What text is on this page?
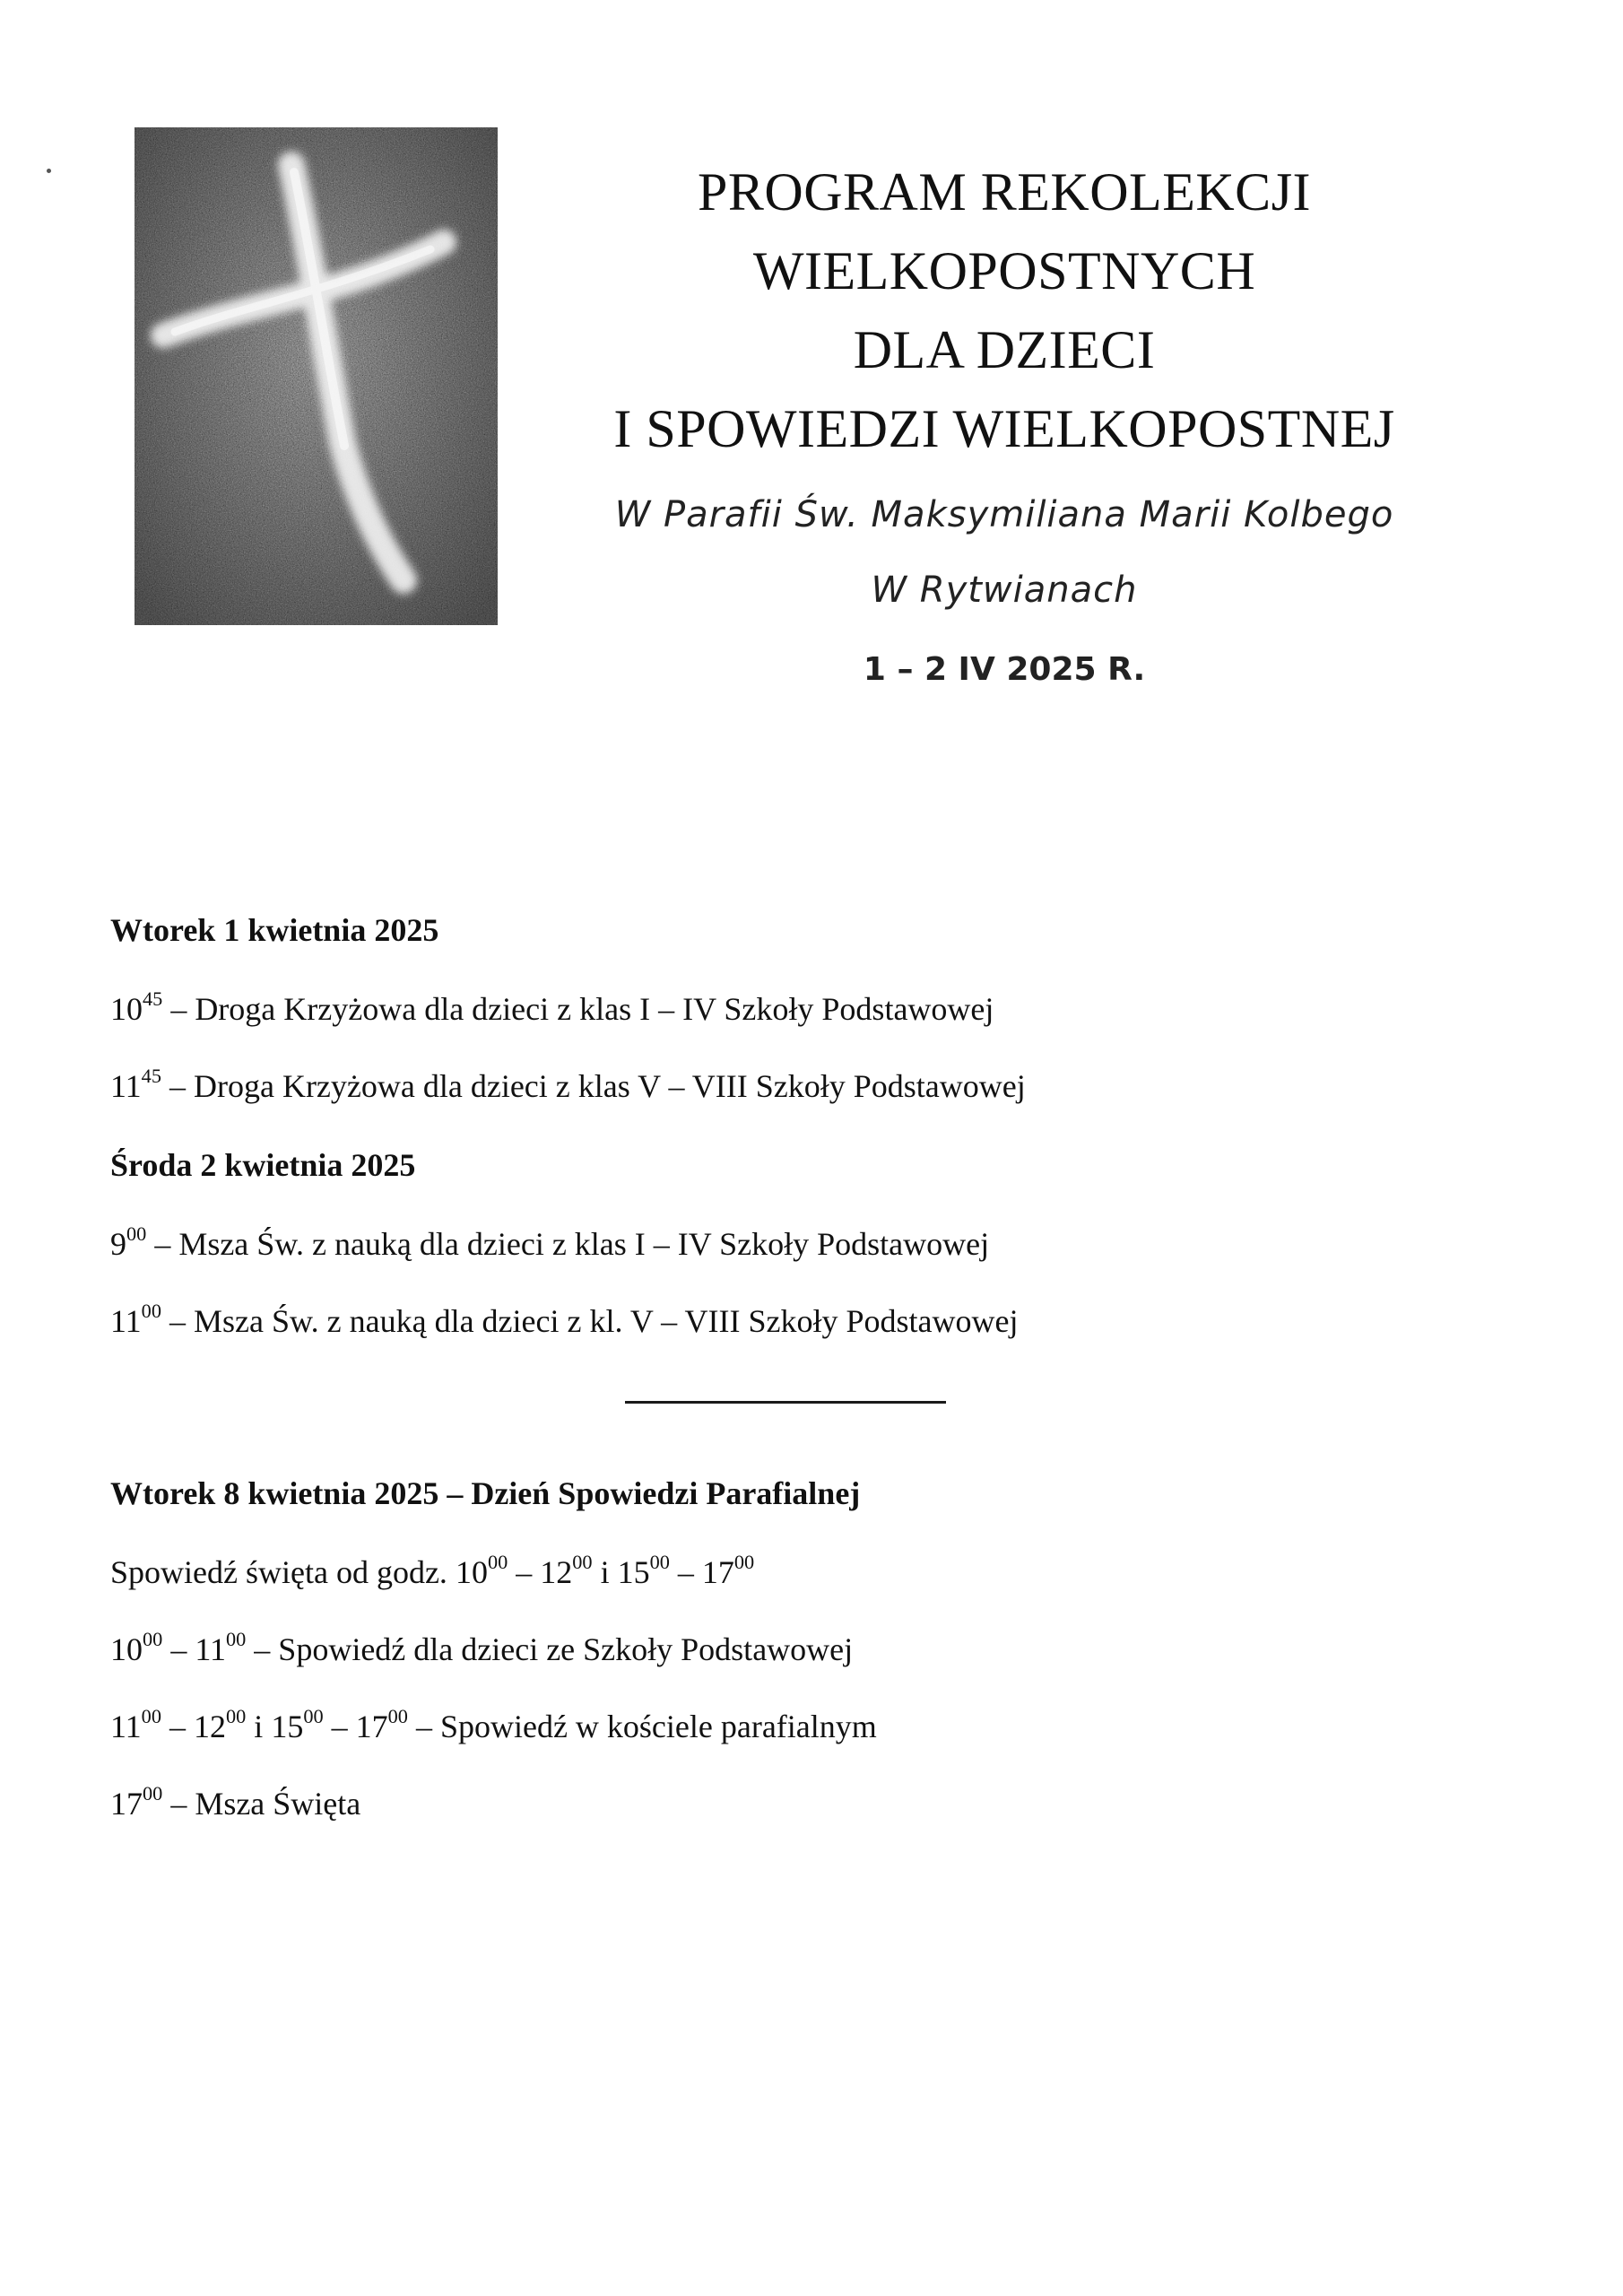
PROGRAM REKOLEKCJI
WIELKOPOSTNYCH
DLA DZIECI
I SPOWIEDZI WIELKOPOSTNEJ
W Parafii Św. Maksymiliana Marii Kolbego
W Rytwianach
1 – 2 IV 2025 R.
Wtorek 1 kwietnia 2025
$10^{45}$ – Droga Krzyżowa dla dzieci z klas I – IV Szkoły Podstawowej
$11^{45}$ – Droga Krzyżowa dla dzieci z klas V – VIII Szkoły Podstawowej
Środa 2 kwietnia 2025
$9^{00}$ – Msza Św. z nauką dla dzieci z klas I – IV Szkoły Podstawowej
$11^{00}$ – Msza Św. z nauką dla dzieci z kl. V – VIII Szkoły Podstawowej
Wtorek 8 kwietnia 2025 – Dzień Spowiedzi Parafialnej
Spowiedź święta od godz. $10^{00} - 12^{00}$ i $15^{00} - 17^{00}$
$10^{00} - 11^{00}$ – Spowiedź dla dzieci ze Szkoły Podstawowej
$11^{00} - 12^{00}$ i $15^{00} - 17^{00}$ – Spowiedź w kościele parafialnym
$17^{00}$ – Msza Święta
